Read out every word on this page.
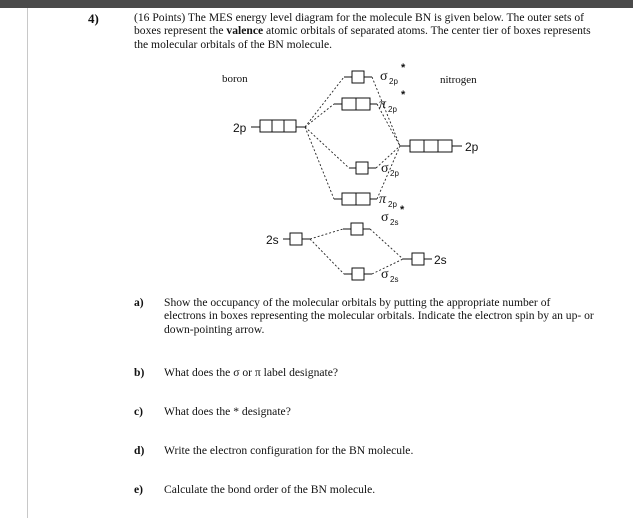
4)	(16 Points) The MES energy level diagram for the molecule BN is given below. The outer sets of boxes represent the valence atomic orbitals of separated atoms. The center tier of boxes represents the molecular orbitals of the BN molecule.
boron	nitrogen
2p
2s
2p
2s
σ 2p
*
π 2p
*
σ 2p
π 2p
σ 2s
*
σ 2s
a) Show the occupancy of the molecular orbitals by putting the appropriate number of electrons in boxes representing the molecular orbitals. Indicate the electron spin by an up- or down-pointing arrow.
b) What does the σ or π label designate?
c) What does the * designate?
d) Write the electron configuration for the BN molecule.
e) Calculate the bond order of the BN molecule.
